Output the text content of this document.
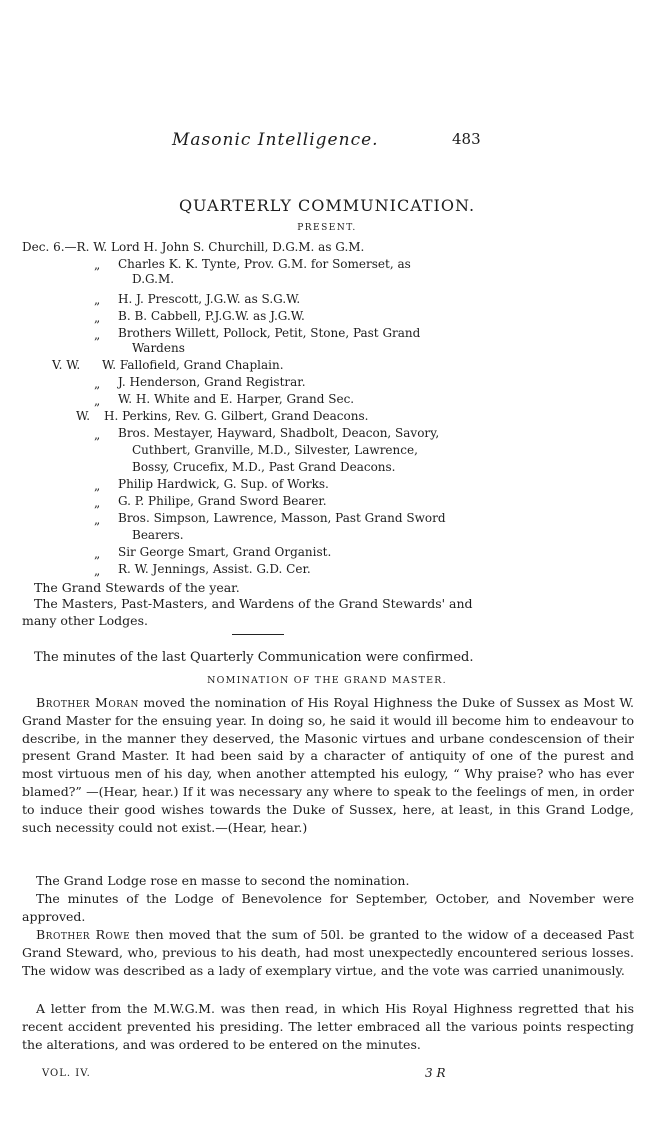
Masonic Intelligence.	483
QUARTERLY COMMUNICATION.
PRESENT.
Dec. 6.—R. W. Lord H. John S. Churchill, D.G.M. as G.M.
„ Charles K. K. Tynte, Prov. G.M. for Somerset, as
D.G.M.
„ H. J. Prescott, J.G.W. as S.G.W.
„ B. B. Cabbell, P.J.G.W. as J.G.W.
„ Brothers Willett, Pollock, Petit, Stone, Past Grand
Wardens
V. W. W. Fallofield, Grand Chaplain.
„ J. Henderson, Grand Registrar.
„ W. H. White and E. Harper, Grand Sec.
W. H. Perkins, Rev. G. Gilbert, Grand Deacons.
„ Bros. Mestayer, Hayward, Shadbolt, Deacon, Savory,
Cuthbert, Granville, M.D., Silvester, Lawrence,
Bossy, Crucefix, M.D., Past Grand Deacons.
„ Philip Hardwick, G. Sup. of Works.
„ G. P. Philipe, Grand Sword Bearer.
„ Bros. Simpson, Lawrence, Masson, Past Grand Sword
Bearers.
„ Sir George Smart, Grand Organist.
„ R. W. Jennings, Assist. G.D. Cer.
The Grand Stewards of the year.
The Masters, Past-Masters, and Wardens of the Grand Stewards' and
many other Lodges.
The minutes of the last Quarterly Communication were confirmed.
NOMINATION OF THE GRAND MASTER.
Brother Moran moved the nomination of His Royal Highness the Duke of Sussex as Most W. Grand Master for the ensuing year. In doing so, he said it would ill become him to endeavour to describe, in the manner they deserved, the Masonic virtues and urbane condescension of their present Grand Master. It had been said by a character of antiquity of one of the purest and most virtuous men of his day, when another attempted his eulogy, “ Why praise? who has ever blamed?” —(Hear, hear.) If it was necessary any where to speak to the feelings of men, in order to induce their good wishes towards the Duke of Sussex, here, at least, in this Grand Lodge, such necessity could not exist.—(Hear, hear.)
The Grand Lodge rose en masse to second the nomination.
The minutes of the Lodge of Benevolence for September, October, and November were approved.
Brother Rowe then moved that the sum of 50l. be granted to the widow of a deceased Past Grand Steward, who, previous to his death, had most unexpectedly encountered serious losses. The widow was described as a lady of exemplary virtue, and the vote was carried unanimously.
A letter from the M.W.G.M. was then read, in which His Royal Highness regretted that his recent accident prevented his presiding. The letter embraced all the various points respecting the alterations, and was ordered to be entered on the minutes.
VOL. IV.	3 R
